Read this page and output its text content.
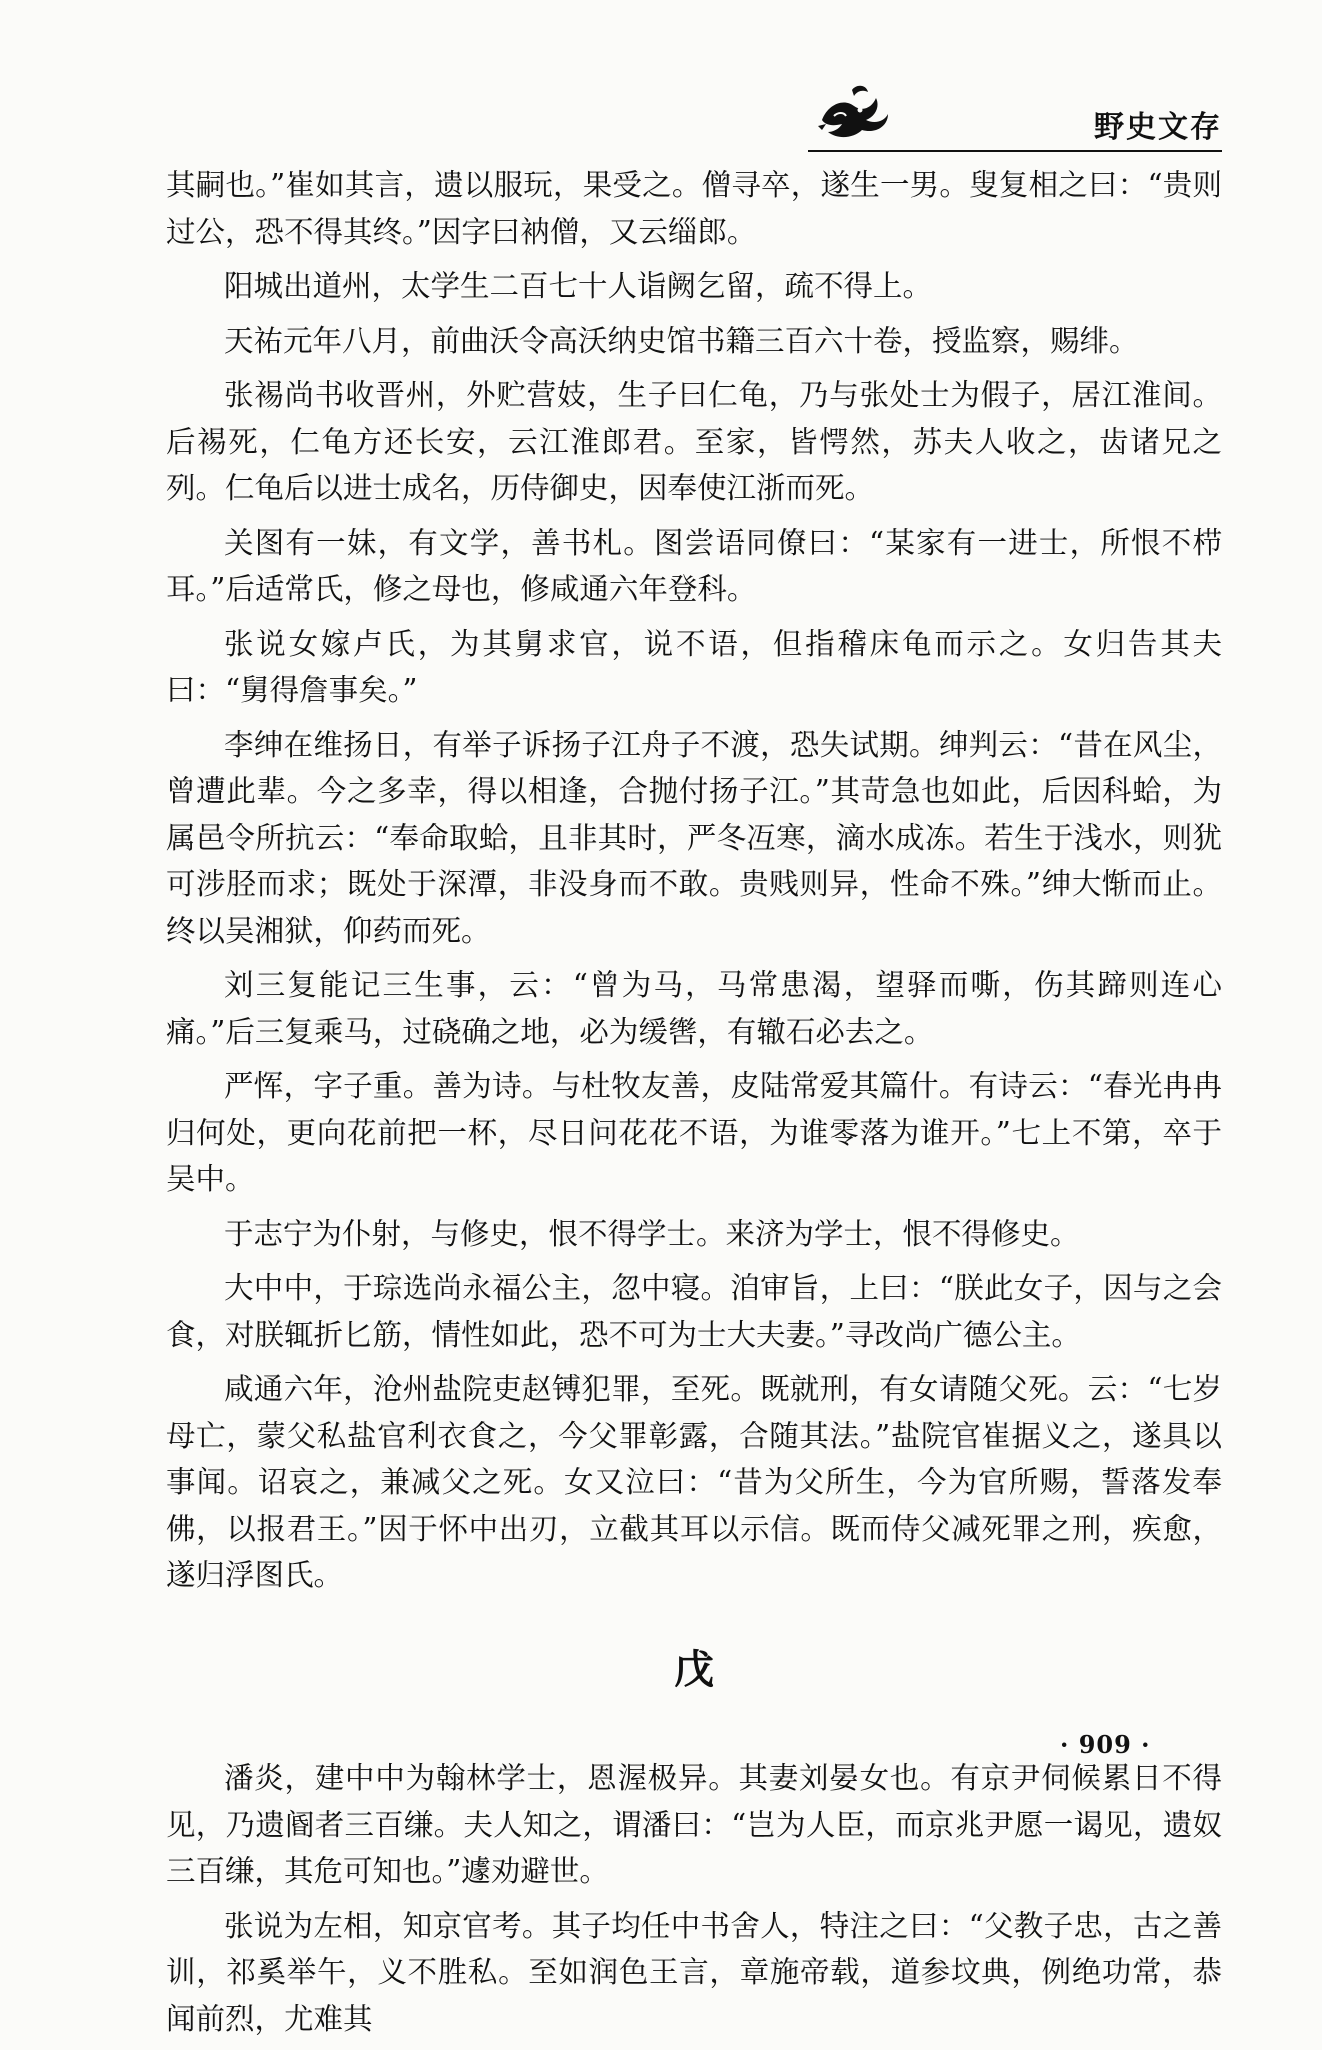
野史文存

其嗣也。”崔如其言，遗以服玩，果受之。僧寻卒，遂生一男。叟复相之曰：“贵则过公，恐不得其终。”因字曰衲僧，又云缁郎。

阳城出道州，太学生二百七十人诣阙乞留，疏不得上。

天祐元年八月，前曲沃令高沃纳史馆书籍三百六十卷，授监察，赐绯。

张裼尚书收晋州，外贮营妓，生子曰仁龟，乃与张处士为假子，居江淮间。后裼死，仁龟方还长安，云江淮郎君。至家，皆愕然，苏夫人收之，齿诸兄之列。仁龟后以进士成名，历侍御史，因奉使江浙而死。

关图有一妹，有文学，善书札。图尝语同僚曰：“某家有一进士，所恨不栉耳。”后适常氏，修之母也，修咸通六年登科。

张说女嫁卢氏，为其舅求官，说不语，但指稽床龟而示之。女归告其夫曰：“舅得詹事矣。”

李绅在维扬日，有举子诉扬子江舟子不渡，恐失试期。绅判云：“昔在风尘，曾遭此辈。今之多幸，得以相逢，合抛付扬子江。”其苛急也如此，后因科蛤，为属邑令所抗云：“奉命取蛤，且非其时，严冬冱寒，滴水成冻。若生于浅水，则犹可涉胫而求；既处于深潭，非没身而不敢。贵贱则异，性命不殊。”绅大惭而止。终以吴湘狱，仰药而死。

刘三复能记三生事，云：“曾为马，马常患渴，望驿而嘶，伤其蹄则连心痛。”后三复乘马，过硗确之地，必为缓辔，有辙石必去之。

严恽，字子重。善为诗。与杜牧友善，皮陆常爱其篇什。有诗云：“春光冉冉归何处，更向花前把一杯，尽日问花花不语，为谁零落为谁开。”七上不第，卒于吴中。

于志宁为仆射，与修史，恨不得学士。来济为学士，恨不得修史。

大中中，于琮选尚永福公主，忽中寝。洎审旨，上曰：“朕此女子，因与之会食，对朕辄折匕筋，情性如此，恐不可为士大夫妻。”寻改尚广德公主。

咸通六年，沧州盐院吏赵镈犯罪，至死。既就刑，有女请随父死。云：“七岁母亡，蒙父私盐官利衣食之，今父罪彰露，合随其法。”盐院官崔据义之，遂具以事闻。诏哀之，兼减父之死。女又泣曰：“昔为父所生，今为官所赐，誓落发奉佛，以报君王。”因于怀中出刃，立截其耳以示信。既而侍父减死罪之刑，疾愈，遂归浮图氏。

戊

潘炎，建中中为翰林学士，恩渥极异。其妻刘晏女也。有京尹伺候累日不得见，乃遗阍者三百缣。夫人知之，谓潘曰：“岂为人臣，而京兆尹愿一谒见，遗奴三百缣，其危可知也。”遽劝避世。

张说为左相，知京官考。其子均任中书舍人，特注之曰：“父教子忠，古之善训，祁奚举午，义不胜私。至如润色王言，章施帝载，道参坟典，例绝功常，恭闻前烈，尤难其

· 909 ·
